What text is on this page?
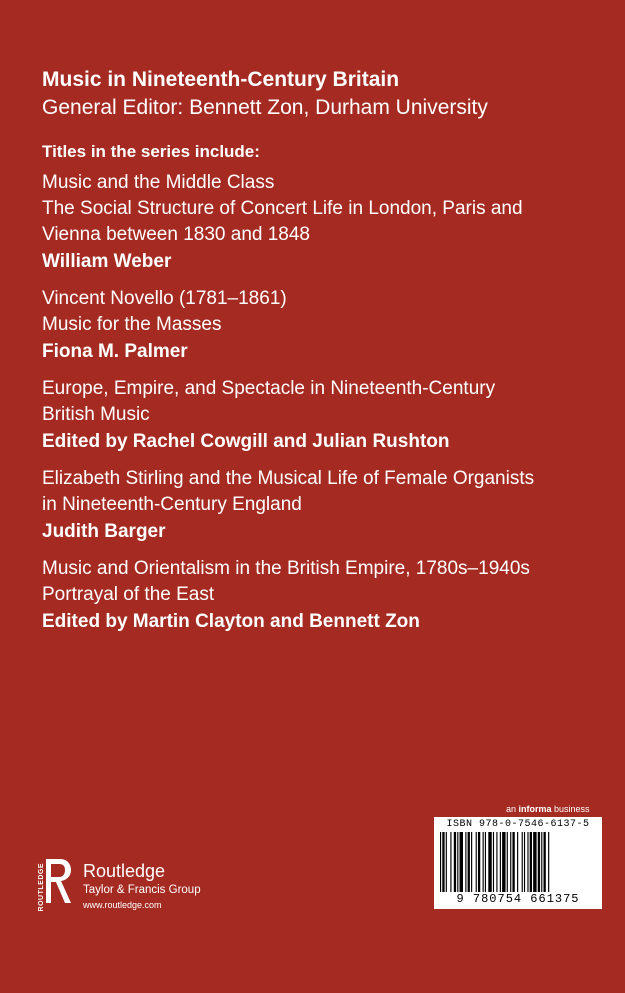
Music in Nineteenth-Century Britain

General Editor: Bennett Zon, Durham University

Titles in the series include:

Music and the Middle Class
The Social Structure of Concert Life in London, Paris and
Vienna between 1830 and 1848
William Weber
Vincent Novello (1781–1861)
Music for the Masses
Fiona M. Palmer
Europe, Empire, and Spectacle in Nineteenth-Century
British Music
Edited by Rachel Cowgill and Julian Rushton
Elizabeth Stirling and the Musical Life of Female Organists
in Nineteenth-Century England
Judith Barger
Music and Orientalism in the British Empire, 1780s–1940s
Portrayal of the East
Edited by Martin Clayton and Bennett Zon
an informa business
ISBN 978-0-7546-6137-5
9 780754 661375
ROUTLEDGE Routledge
Taylor & Francis Group
www.routledge.com
